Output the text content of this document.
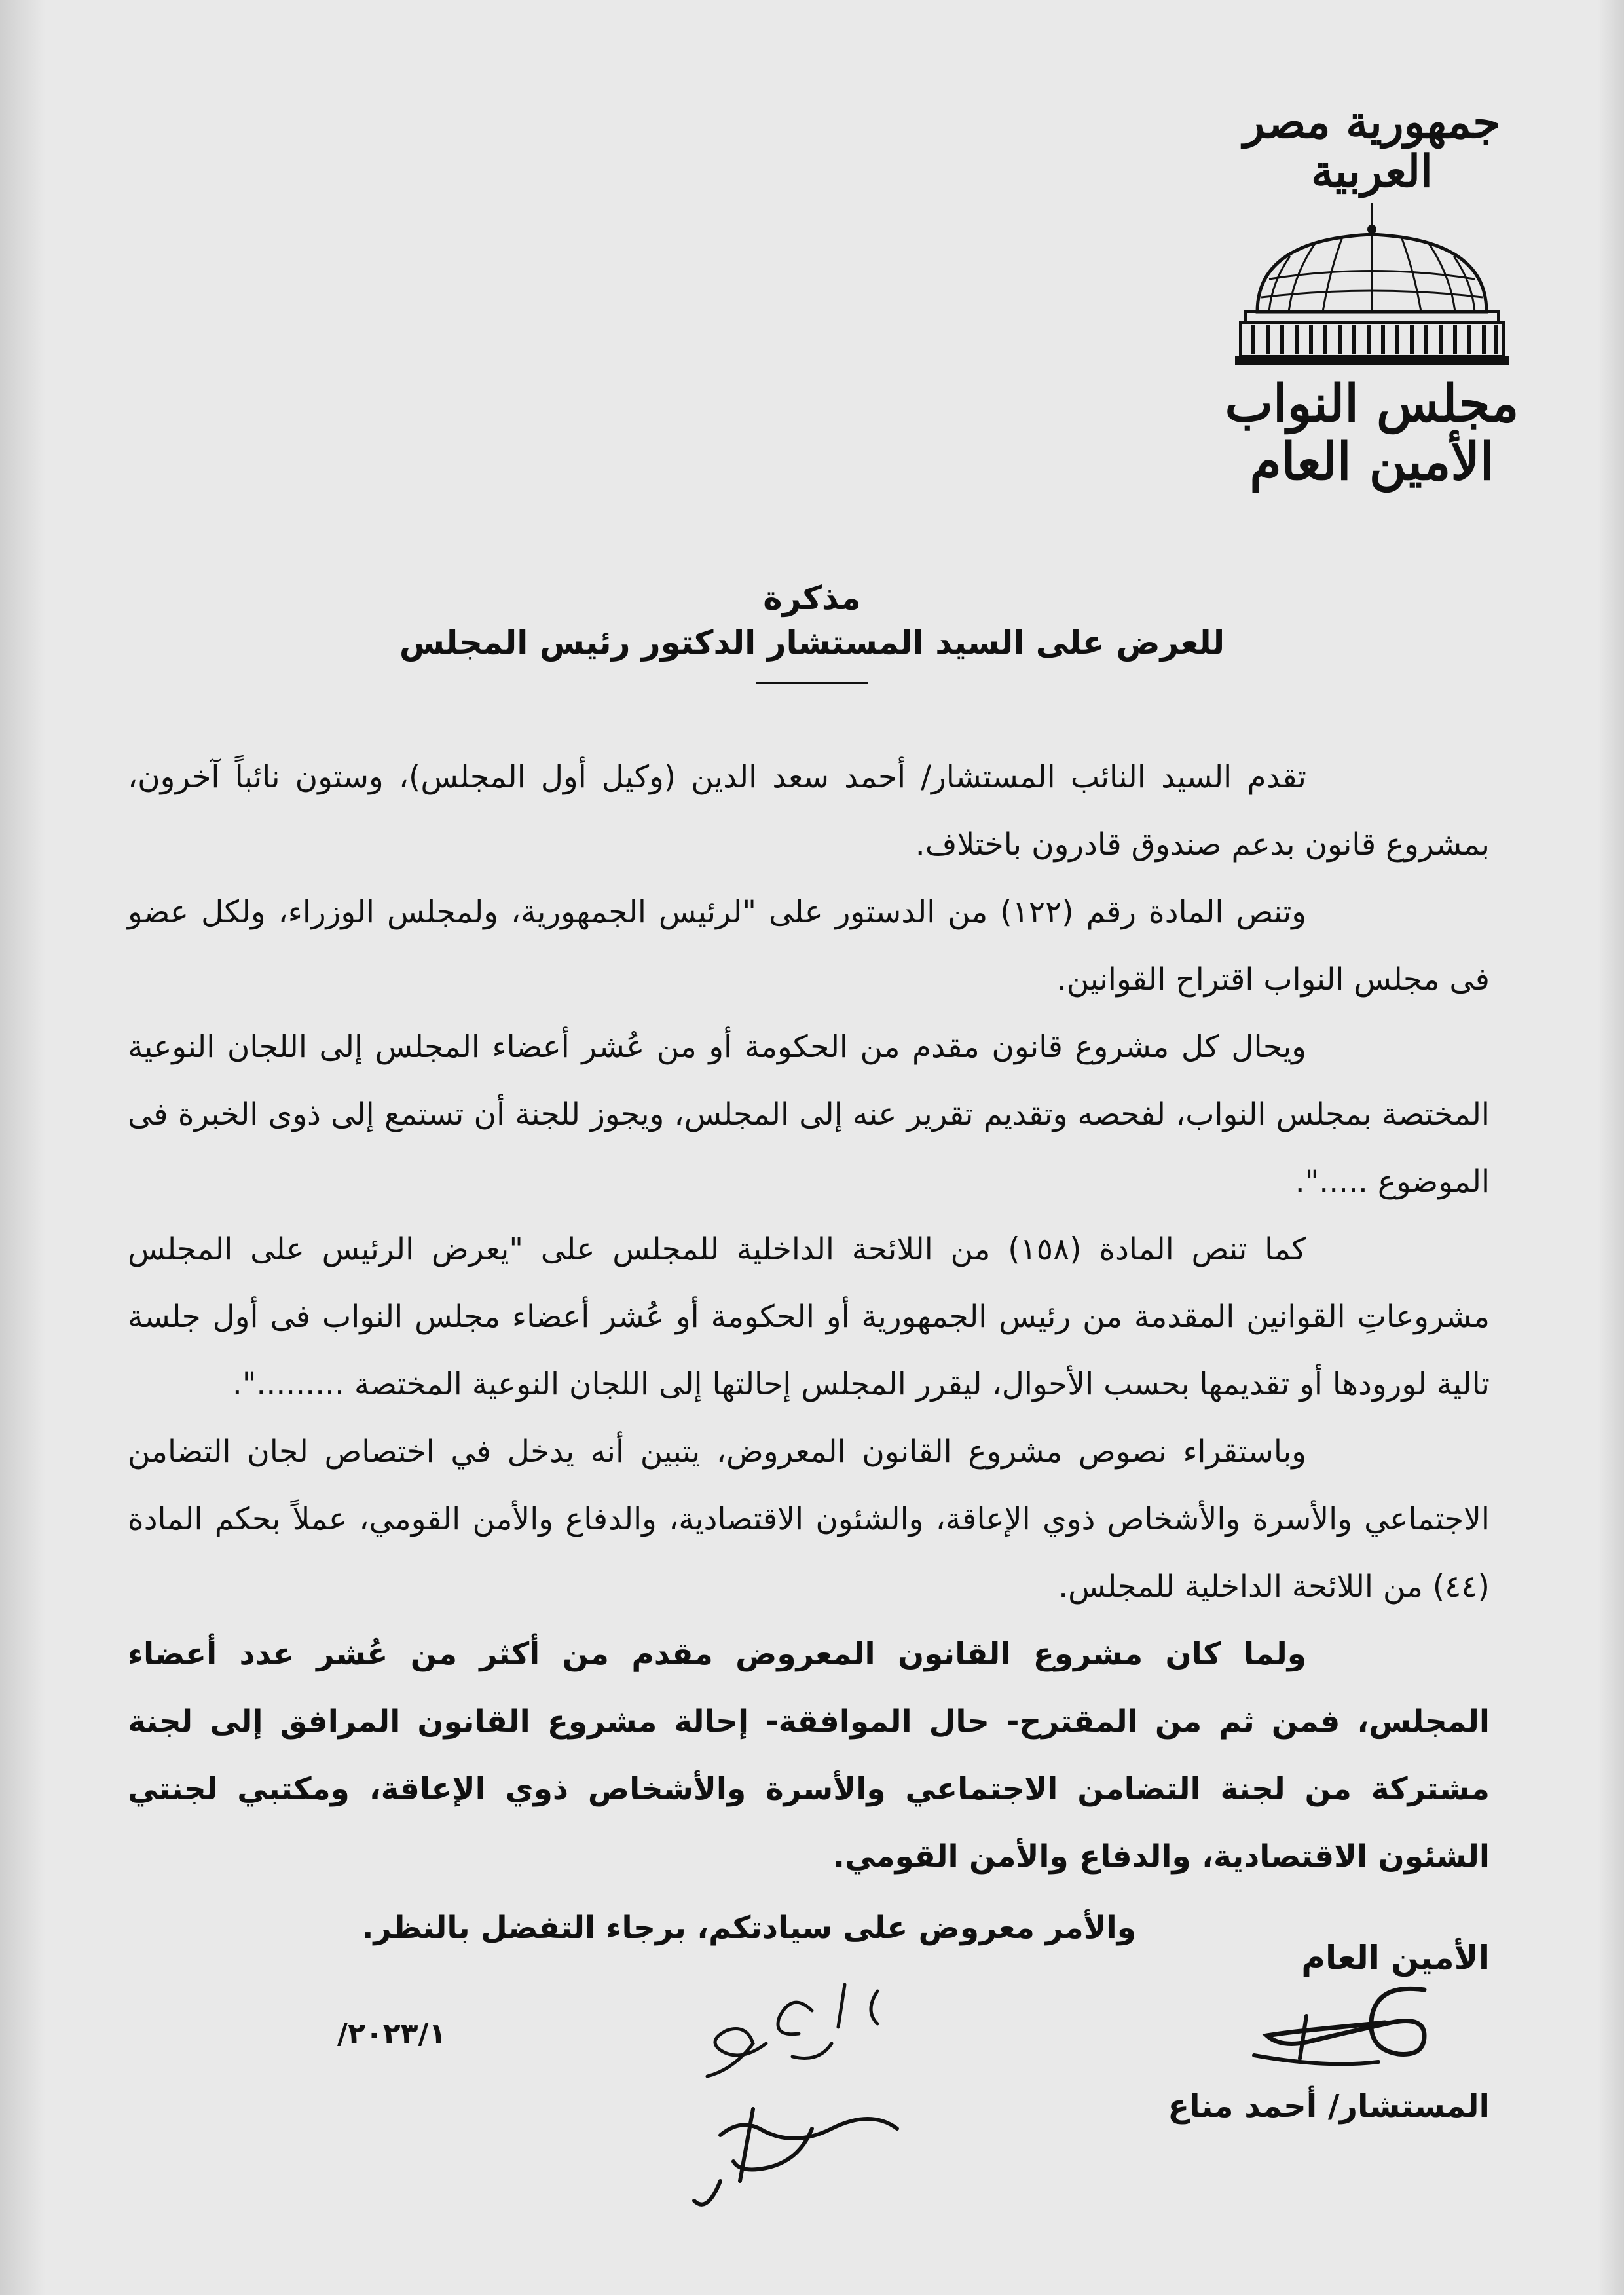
جمهورية مصر العربية
مجلس النواب
الأمين العام
مذكرة
للعرض على السيد المستشار الدكتور رئيس المجلس

تقدم السيد النائب المستشار/ أحمد سعد الدين (وكيل أول المجلس)، وستون نائباً آخرون، بمشروع قانون بدعم صندوق قادرون باختلاف.

وتنص المادة رقم (١٢٢) من الدستور على "لرئيس الجمهورية، ولمجلس الوزراء، ولكل عضو فى مجلس النواب اقتراح القوانين.

ويحال كل مشروع قانون مقدم من الحكومة أو من عُشر أعضاء المجلس إلى اللجان النوعية المختصة بمجلس النواب، لفحصه وتقديم تقرير عنه إلى المجلس، ويجوز للجنة أن تستمع إلى ذوى الخبرة فى الموضوع .....".

كما تنص المادة (١٥٨) من اللائحة الداخلية للمجلس على "يعرض الرئيس على المجلس مشروعاتِ القوانين المقدمة من رئيس الجمهورية أو الحكومة أو عُشر أعضاء مجلس النواب فى أول جلسة تالية لورودها أو تقديمها بحسب الأحوال، ليقرر المجلس إحالتها إلى اللجان النوعية المختصة .........".

وباستقراء نصوص مشروع القانون المعروض، يتبين أنه يدخل في اختصاص لجان التضامن الاجتماعي والأسرة والأشخاص ذوي الإعاقة، والشئون الاقتصادية، والدفاع والأمن القومي، عملاً بحكم المادة (٤٤) من اللائحة الداخلية للمجلس.

ولما كان مشروع القانون المعروض مقدم من أكثر من عُشر عدد أعضاء المجلس، فمن ثم من المقترح- حال الموافقة- إحالة مشروع القانون المرافق إلى لجنة مشتركة من لجنة التضامن الاجتماعي والأسرة والأشخاص ذوي الإعاقة، ومكتبي لجنتي الشئون الاقتصادية، والدفاع والأمن القومي.

والأمر معروض على سيادتكم، برجاء التفضل بالنظر.

الأمين العام
المستشار/ أحمد مناع
٢٠٢٣/١/
